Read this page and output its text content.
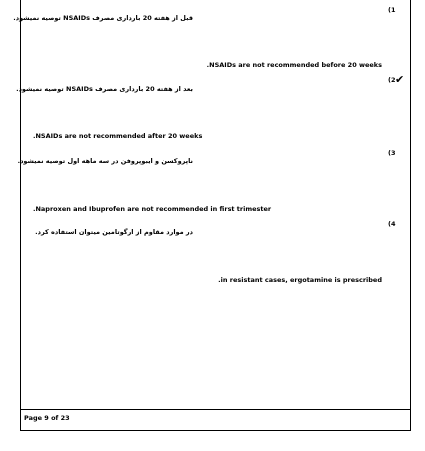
(1
قبل از هفته 20 بارداری مصرف NSAIDs توصیه نمیشود.
NSAIDs are not recommended before 20 weeks.
(2 ✔
بعد از هفته 20 بارداری مصرف NSAIDs توصیه نمیشود.
NSAIDs are not recommended after 20 weeks.
(3
ناپروکسن و ایبوپروفن در سه ماهه اول توصیه نمیشود.
Naproxen and Ibuprofen are not recommended in first trimester.
(4
در موارد مقاوم از ارگوتامین میتوان استفاده کرد.
in resistant cases, ergotamine is prescribed.
Page 9 of 23
